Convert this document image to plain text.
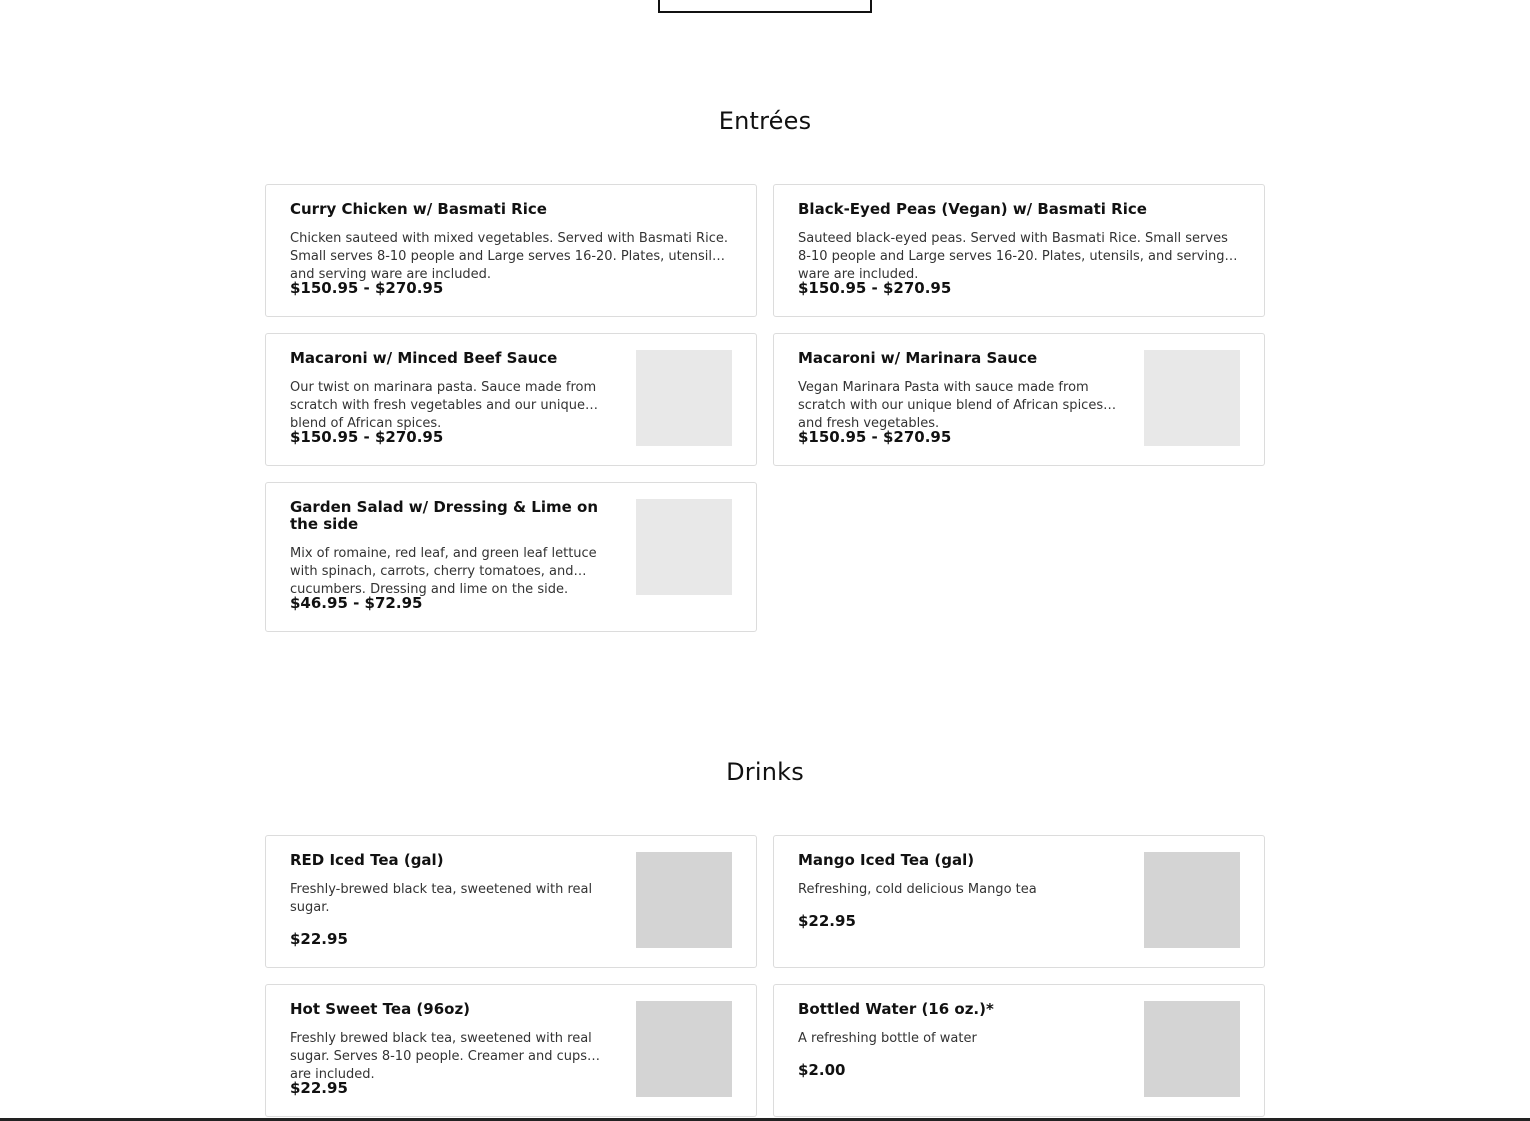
Entrées
Curry Chicken w/ Basmati Rice
Chicken sauteed with mixed vegetables. Served with Basmati Rice. Small serves 8-10 people and Large serves 16-20. Plates, utensils, and serving ware are included.
$150.95 - $270.95
Black-Eyed Peas (Vegan) w/ Basmati Rice
Sauteed black-eyed peas. Served with Basmati Rice. Small serves 8-10 people and Large serves 16-20. Plates, utensils, and serving ware are included.
$150.95 - $270.95
Macaroni w/ Minced Beef Sauce
Our twist on marinara pasta. Sauce made from scratch with fresh vegetables and our unique blend of African spices.
$150.95 - $270.95
Macaroni w/ Marinara Sauce
Vegan Marinara Pasta with sauce made from scratch with our unique blend of African spices and fresh vegetables.
$150.95 - $270.95
Garden Salad w/ Dressing & Lime on the side
Mix of romaine, red leaf, and green leaf lettuce with spinach, carrots, cherry tomatoes, and cucumbers. Dressing and lime on the side.
$46.95 - $72.95
Drinks
RED Iced Tea (gal)
Freshly-brewed black tea, sweetened with real sugar.
$22.95
Mango Iced Tea (gal)
Refreshing, cold delicious Mango tea
$22.95
Hot Sweet Tea (96oz)
Freshly brewed black tea, sweetened with real sugar. Serves 8-10 people. Creamer and cups are included.
$22.95
Bottled Water (16 oz.)*
A refreshing bottle of water
$2.00
